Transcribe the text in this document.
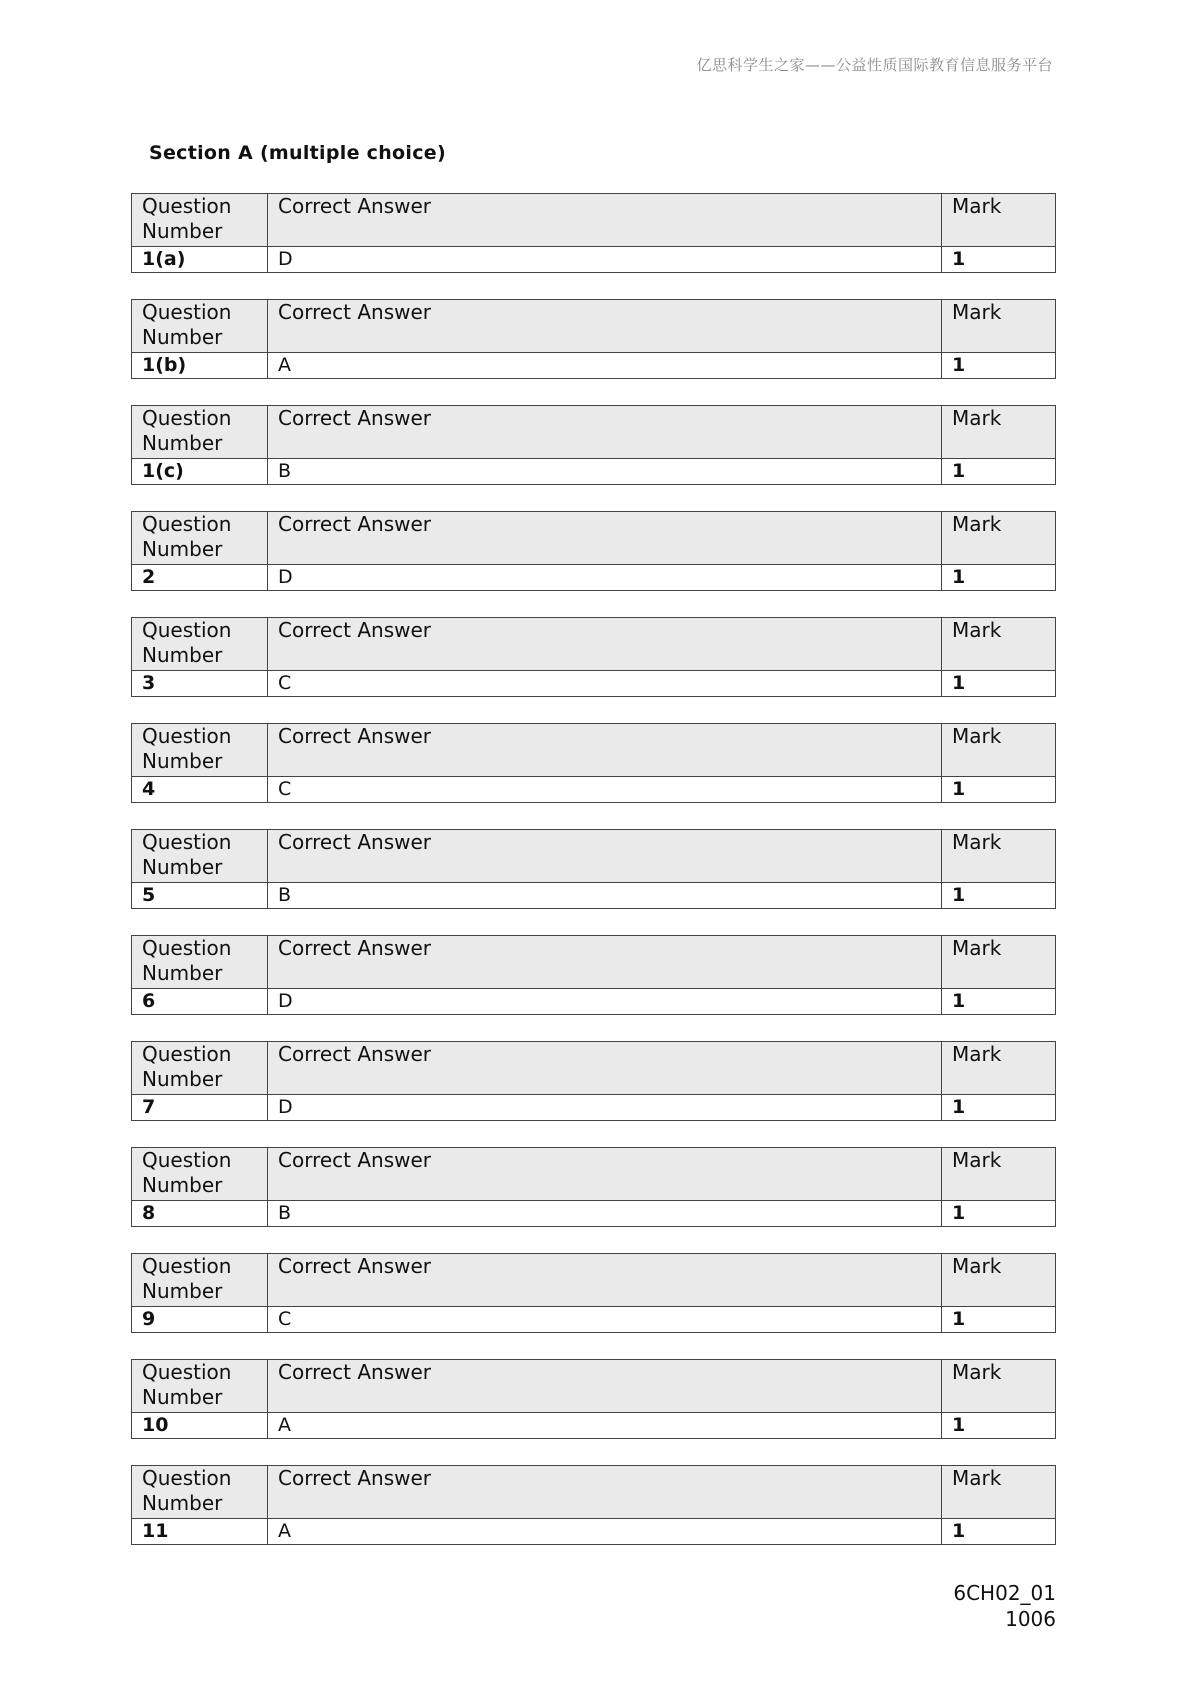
亿思科学生之家——公益性质国际教育信息服务平台
Section A (multiple choice)
Question Number	Correct Answer	Mark
1(a)	D	1
Question Number	Correct Answer	Mark
1(b)	A	1
Question Number	Correct Answer	Mark
1(c)	B	1
Question Number	Correct Answer	Mark
2	D	1
Question Number	Correct Answer	Mark
3	C	1
Question Number	Correct Answer	Mark
4	C	1
Question Number	Correct Answer	Mark
5	B	1
Question Number	Correct Answer	Mark
6	D	1
Question Number	Correct Answer	Mark
7	D	1
Question Number	Correct Answer	Mark
8	B	1
Question Number	Correct Answer	Mark
9	C	1
Question Number	Correct Answer	Mark
10	A	1
Question Number	Correct Answer	Mark
11	A	1
6CH02_01
1006
